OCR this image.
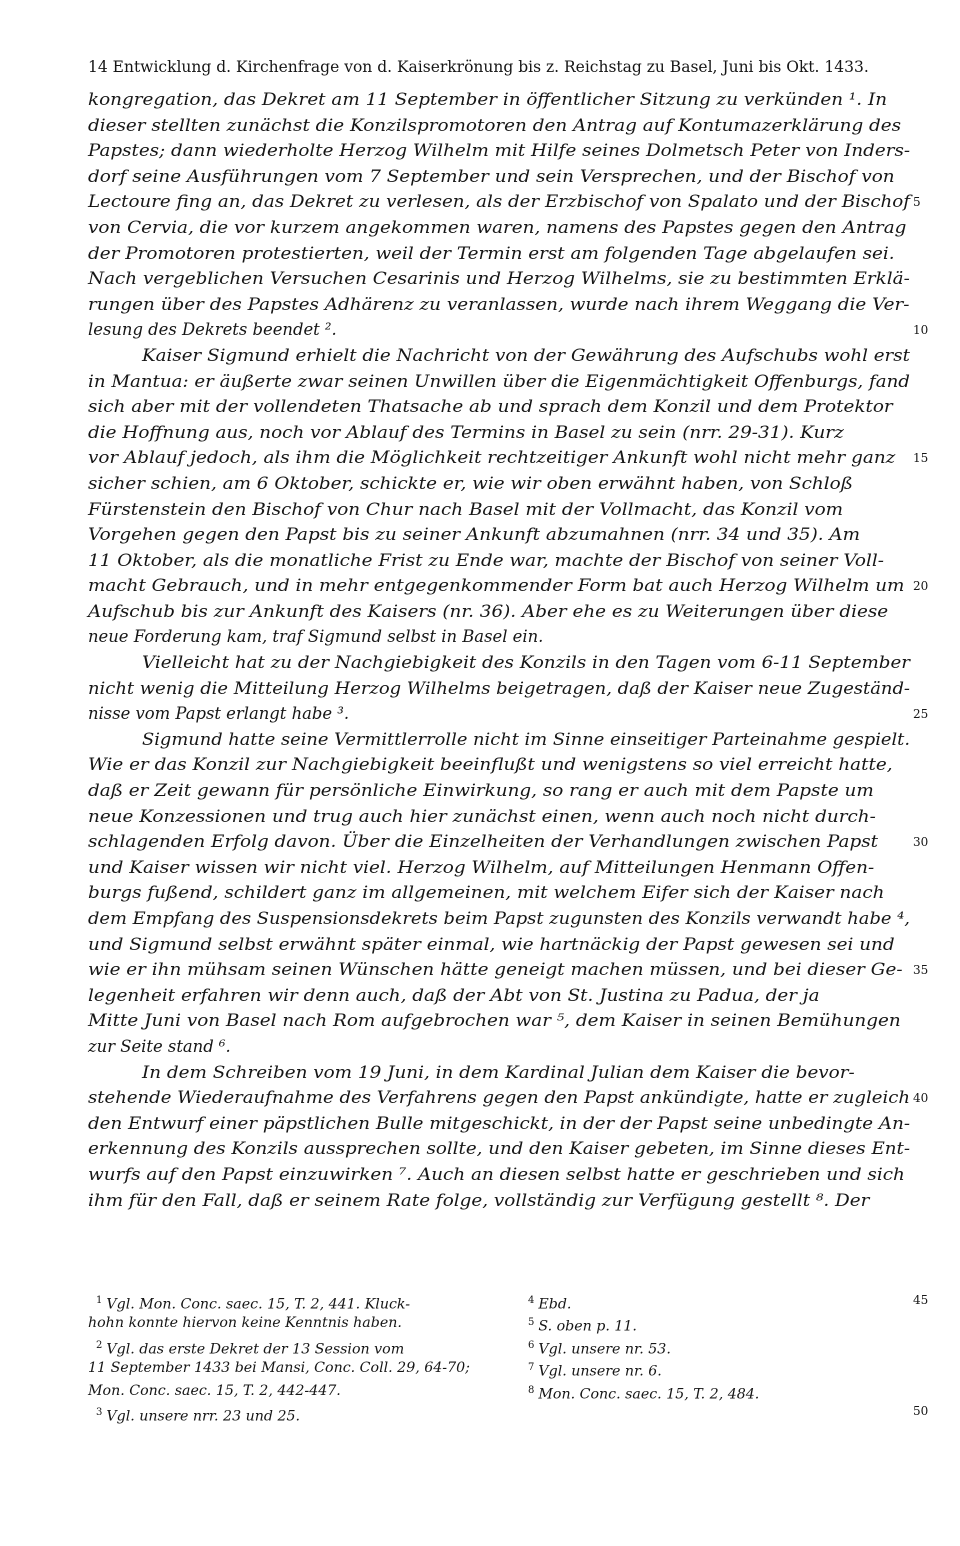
14 Entwicklung d. Kirchenfrage von d. Kaiserkrönung bis z. Reichstag zu Basel, Juni bis Okt. 1433.
kongregation, das Dekret am 11 September in öffentlicher Sitzung zu verkünden ¹. In
dieser stellten zunächst die Konzilspromotoren den Antrag auf Kontumazerklärung des
Papstes; dann wiederholte Herzog Wilhelm mit Hilfe seines Dolmetsch Peter von Inders-
dorf seine Ausführungen vom 7 September und sein Versprechen, und der Bischof von
Lectoure fing an, das Dekret zu verlesen, als der Erzbischof von Spalato und der Bischof
von Cervia, die vor kurzem angekommen waren, namens des Papstes gegen den Antrag
der Promotoren protestierten, weil der Termin erst am folgenden Tage abgelaufen sei.
Nach vergeblichen Versuchen Cesarinis und Herzog Wilhelms, sie zu bestimmten Erklä-
rungen über des Papstes Adhärenz zu veranlassen, wurde nach ihrem Weggang die Ver-
lesung des Dekrets beendet ².
Kaiser Sigmund erhielt die Nachricht von der Gewährung des Aufschubs wohl erst
in Mantua: er äußerte zwar seinen Unwillen über die Eigenmächtigkeit Offenburgs, fand
sich aber mit der vollendeten Thatsache ab und sprach dem Konzil und dem Protektor
die Hoffnung aus, noch vor Ablauf des Termins in Basel zu sein (nrr. 29-31). Kurz
vor Ablauf jedoch, als ihm die Möglichkeit rechtzeitiger Ankunft wohl nicht mehr ganz
sicher schien, am 6 Oktober, schickte er, wie wir oben erwähnt haben, von Schloß
Fürstenstein den Bischof von Chur nach Basel mit der Vollmacht, das Konzil vom
Vorgehen gegen den Papst bis zu seiner Ankunft abzumahnen (nrr. 34 und 35). Am
11 Oktober, als die monatliche Frist zu Ende war, machte der Bischof von seiner Voll-
macht Gebrauch, und in mehr entgegenkommender Form bat auch Herzog Wilhelm um
Aufschub bis zur Ankunft des Kaisers (nr. 36). Aber ehe es zu Weiterungen über diese
neue Forderung kam, traf Sigmund selbst in Basel ein.
Vielleicht hat zu der Nachgiebigkeit des Konzils in den Tagen vom 6-11 September
nicht wenig die Mitteilung Herzog Wilhelms beigetragen, daß der Kaiser neue Zugeständ-
nisse vom Papst erlangt habe ³.
Sigmund hatte seine Vermittlerrolle nicht im Sinne einseitiger Parteinahme gespielt.
Wie er das Konzil zur Nachgiebigkeit beeinflußt und wenigstens so viel erreicht hatte,
daß er Zeit gewann für persönliche Einwirkung, so rang er auch mit dem Papste um
neue Konzessionen und trug auch hier zunächst einen, wenn auch noch nicht durch-
schlagenden Erfolg davon. Über die Einzelheiten der Verhandlungen zwischen Papst
und Kaiser wissen wir nicht viel. Herzog Wilhelm, auf Mitteilungen Henmann Offen-
burgs fußend, schildert ganz im allgemeinen, mit welchem Eifer sich der Kaiser nach
dem Empfang des Suspensionsdekrets beim Papst zugunsten des Konzils verwandt habe ⁴,
und Sigmund selbst erwähnt später einmal, wie hartnäckig der Papst gewesen sei und
wie er ihn mühsam seinen Wünschen hätte geneigt machen müssen, und bei dieser Ge-
legenheit erfahren wir denn auch, daß der Abt von St. Justina zu Padua, der ja
Mitte Juni von Basel nach Rom aufgebrochen war ⁵, dem Kaiser in seinen Bemühungen
zur Seite stand ⁶.
In dem Schreiben vom 19 Juni, in dem Kardinal Julian dem Kaiser die bevor-
stehende Wiederaufnahme des Verfahrens gegen den Papst ankündigte, hatte er zugleich
den Entwurf einer päpstlichen Bulle mitgeschickt, in der der Papst seine unbedingte An-
erkennung des Konzils aussprechen sollte, und den Kaiser gebeten, im Sinne dieses Ent-
wurfs auf den Papst einzuwirken ⁷. Auch an diesen selbst hatte er geschrieben und sich
ihm für den Fall, daß er seinem Rate folge, vollständig zur Verfügung gestellt ⁸. Der
5
10
15
20
25
30
35
40
45
50
$^1$ Vgl. Mon. Conc. saec. 15, T. 2, 441. Kluck-
hohn konnte hiervon keine Kenntnis haben.
$^2$ Vgl. das erste Dekret der 13 Session vom
11 September 1433 bei Mansi, Conc. Coll. 29, 64-70;
Mon. Conc. saec. 15, T. 2, 442-447.
$^3$ Vgl. unsere nrr. 23 und 25.
$^4$ Ebd.
$^5$ S. oben p. 11.
$^6$ Vgl. unsere nr. 53.
$^7$ Vgl. unsere nr. 6.
$^8$ Mon. Conc. saec. 15, T. 2, 484.
